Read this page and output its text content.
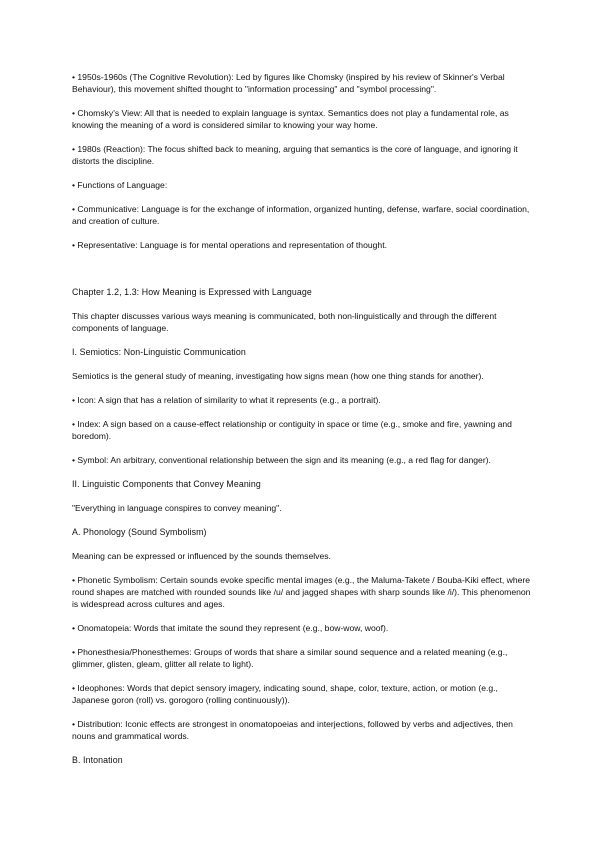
• 1950s-1960s (The Cognitive Revolution): Led by figures like Chomsky (inspired by his review of Skinner's Verbal Behaviour), this movement shifted thought to "information processing" and "symbol processing".

• Chomsky's View: All that is needed to explain language is syntax. Semantics does not play a fundamental role, as knowing the meaning of a word is considered similar to knowing your way home.

• 1980s (Reaction): The focus shifted back to meaning, arguing that semantics is the core of language, and ignoring it distorts the discipline.

• Functions of Language:

• Communicative: Language is for the exchange of information, organized hunting, defense, warfare, social coordination, and creation of culture.

• Representative: Language is for mental operations and representation of thought.

Chapter 1.2, 1.3: How Meaning is Expressed with Language

This chapter discusses various ways meaning is communicated, both non-linguistically and through the different components of language.

I. Semiotics: Non-Linguistic Communication

Semiotics is the general study of meaning, investigating how signs mean (how one thing stands for another).

• Icon: A sign that has a relation of similarity to what it represents (e.g., a portrait).

• Index: A sign based on a cause-effect relationship or contiguity in space or time (e.g., smoke and fire, yawning and boredom).

• Symbol: An arbitrary, conventional relationship between the sign and its meaning (e.g., a red flag for danger).

II. Linguistic Components that Convey Meaning

"Everything in language conspires to convey meaning".

A. Phonology (Sound Symbolism)

Meaning can be expressed or influenced by the sounds themselves.

• Phonetic Symbolism: Certain sounds evoke specific mental images (e.g., the Maluma-Takete / Bouba-Kiki effect, where round shapes are matched with rounded sounds like /u/ and jagged shapes with sharp sounds like /i/). This phenomenon is widespread across cultures and ages.

• Onomatopeia: Words that imitate the sound they represent (e.g., bow-wow, woof).

• Phonesthesia/Phonesthemes: Groups of words that share a similar sound sequence and a related meaning (e.g., glimmer, glisten, gleam, glitter all relate to light).

• Ideophones: Words that depict sensory imagery, indicating sound, shape, color, texture, action, or motion (e.g., Japanese goron (roll) vs. gorogoro (rolling continuously)).

• Distribution: Iconic effects are strongest in onomatopoeias and interjections, followed by verbs and adjectives, then nouns and grammatical words.

B. Intonation
